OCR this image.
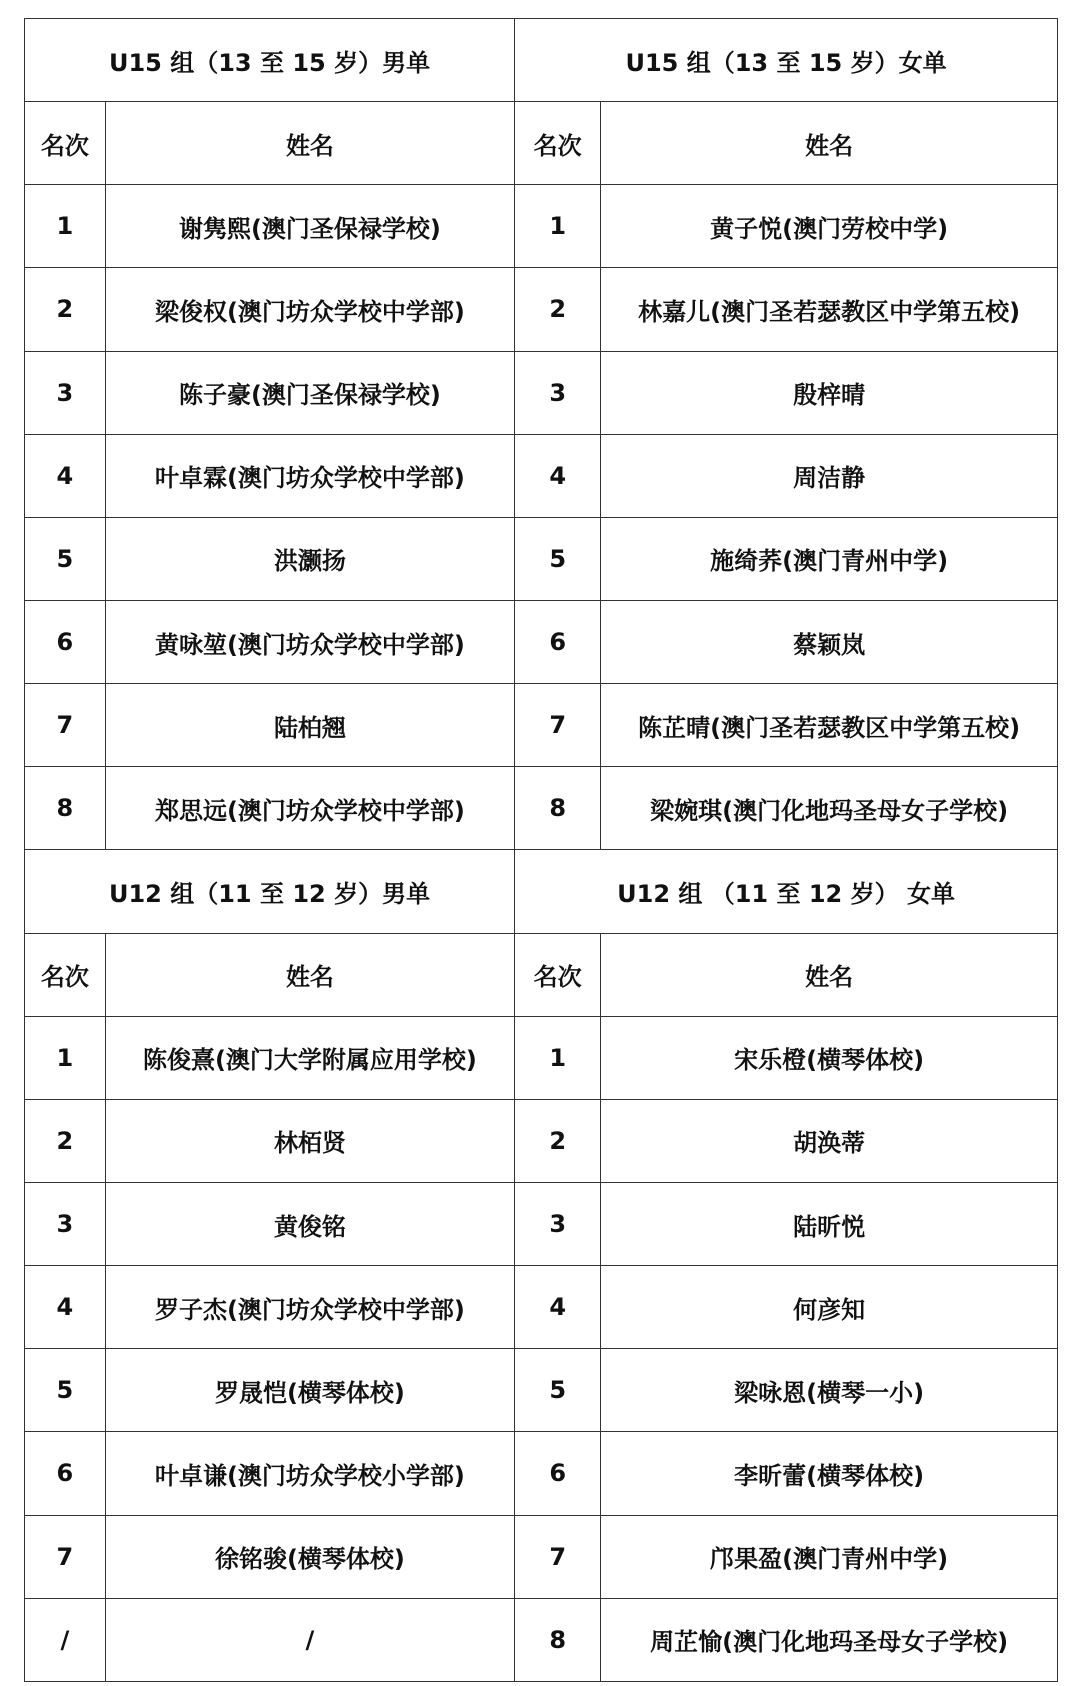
U15 组（13 至 15 岁）男单		U15 组（13 至 15 岁）女单	
名次	姓名	名次	姓名
1	谢隽熙(澳门圣保禄学校)	1	黄子悦(澳门劳校中学)
2	梁俊权(澳门坊众学校中学部)	2	林嘉儿(澳门圣若瑟教区中学第五校)
3	陈子豪(澳门圣保禄学校)	3	殷梓晴
4	叶卓霖(澳门坊众学校中学部)	4	周洁静
5	洪灏扬	5	施绮荞(澳门青州中学)
6	黄咏堃(澳门坊众学校中学部)	6	蔡颖岚
7	陆柏翘	7	陈芷晴(澳门圣若瑟教区中学第五校)
8	郑思远(澳门坊众学校中学部)	8	梁婉琪(澳门化地玛圣母女子学校)
U12 组（11 至 12 岁）男单		U12 组 （11 至 12 岁） 女单	
名次	姓名	名次	姓名
1	陈俊熹(澳门大学附属应用学校)	1	宋乐橙(横琴体校)
2	林栢贤	2	胡涣蒂
3	黄俊铭	3	陆昕悦
4	罗子杰(澳门坊众学校中学部)	4	何彦知
5	罗晟恺(横琴体校)	5	梁咏恩(横琴一小)
6	叶卓谦(澳门坊众学校小学部)	6	李昕蕾(横琴体校)
7	徐铭骏(横琴体校)	7	邝果盈(澳门青州中学)
/	/	8	周芷愉(澳门化地玛圣母女子学校)
